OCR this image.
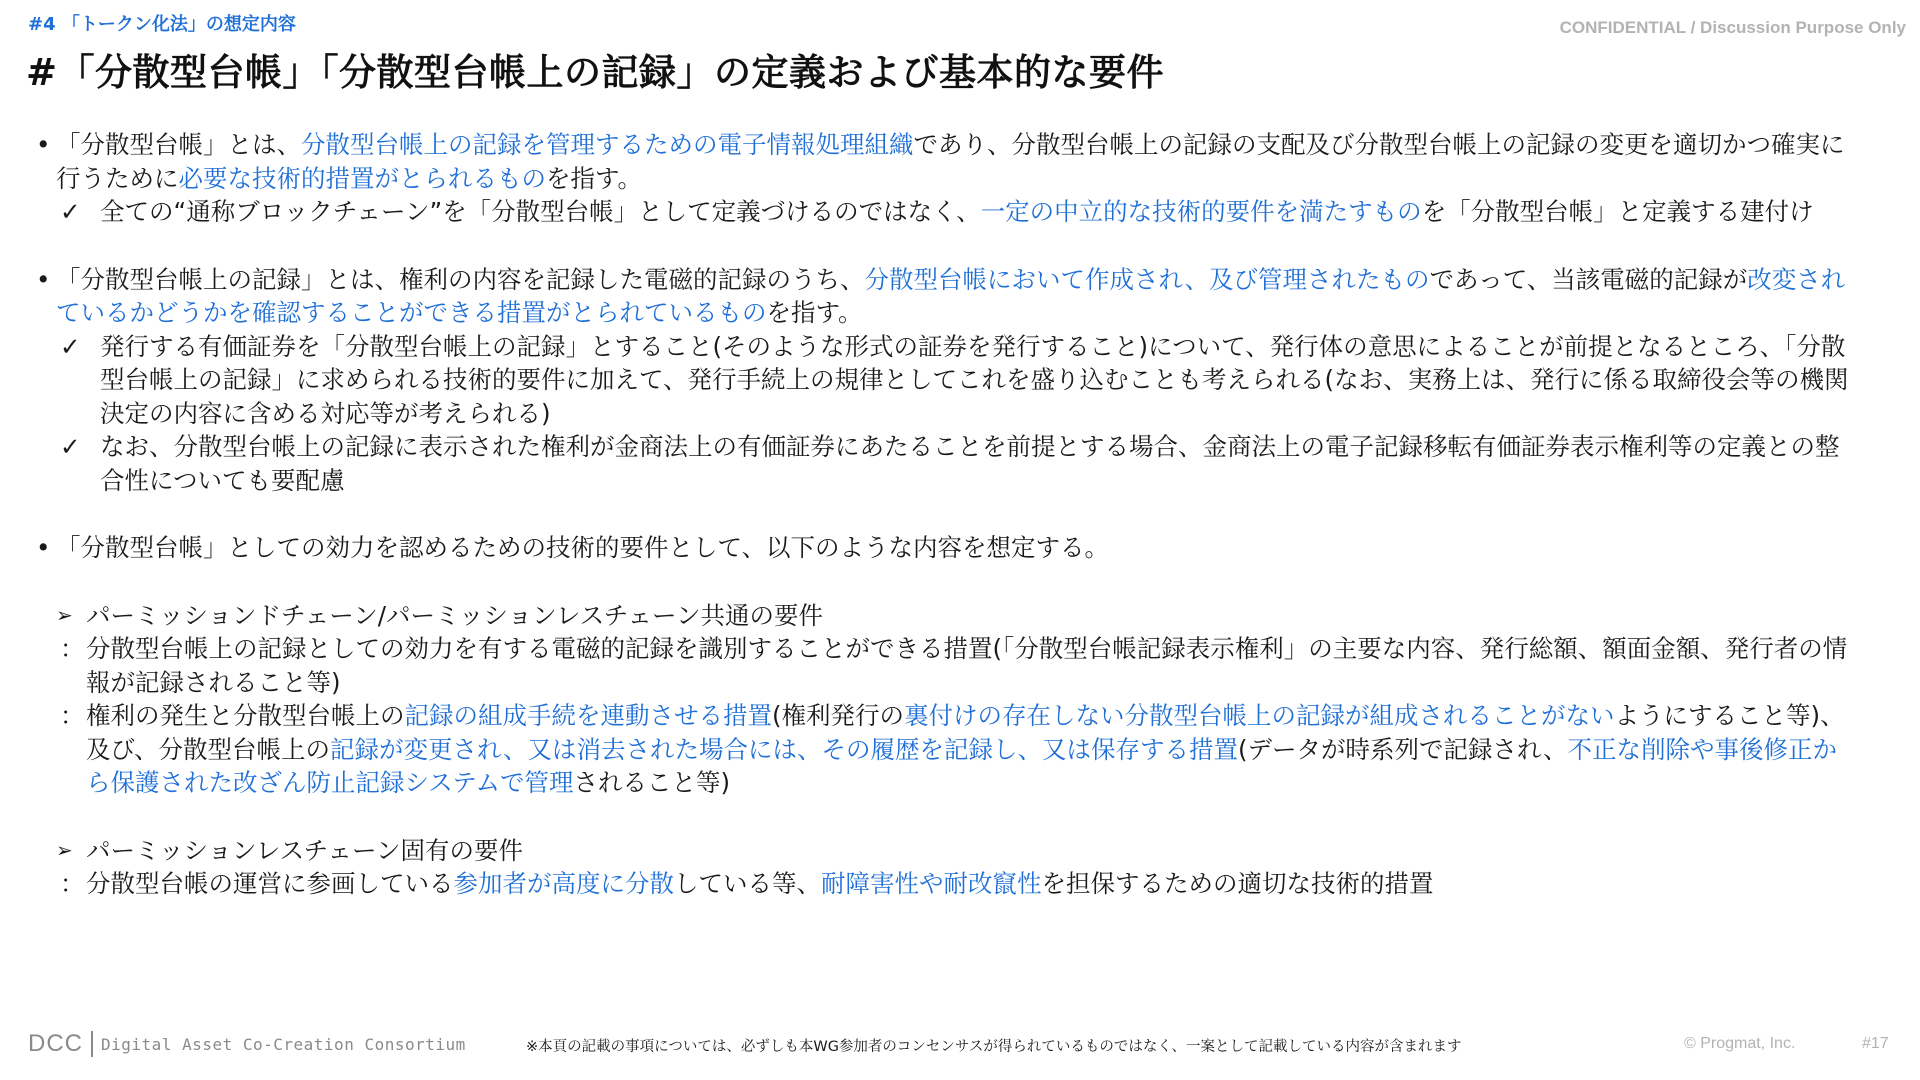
#4 「トークン化法」の想定内容	CONFIDENTIAL / Discussion Purpose Only
#「分散型台帳」「分散型台帳上の記録」の定義および基本的な要件
• 「分散型台帳」とは、分散型台帳上の記録を管理するための電子情報処理組織であり、分散型台帳上の記録の支配及び分散型台帳上の記録の変更を適切かつ確実に行うために必要な技術的措置がとられるものを指す。
✓ 全ての“通称ブロックチェーン”を「分散型台帳」として定義づけるのではなく、一定の中立的な技術的要件を満たすものを「分散型台帳」と定義する建付け
• 「分散型台帳上の記録」とは、権利の内容を記録した電磁的記録のうち、分散型台帳において作成され、及び管理されたものであって、当該電磁的記録が改変されているかどうかを確認することができる措置がとられているものを指す。
✓ 発行する有価証券を「分散型台帳上の記録」とすること(そのような形式の証券を発行すること)について、発行体の意思によることが前提となるところ、「分散型台帳上の記録」に求められる技術的要件に加えて、発行手続上の規律としてこれを盛り込むことも考えられる(なお、実務上は、発行に係る取締役会等の機関決定の内容に含める対応等が考えられる)
✓ なお、分散型台帳上の記録に表示された権利が金商法上の有価証券にあたることを前提とする場合、金商法上の電子記録移転有価証券表示権利等の定義との整合性についても要配慮
• 「分散型台帳」としての効力を認めるための技術的要件として、以下のような内容を想定する。
➢ パーミッションドチェーン/パーミッションレスチェーン共通の要件
： 分散型台帳上の記録としての効力を有する電磁的記録を識別することができる措置(「分散型台帳記録表示権利」の主要な内容、発行総額、額面金額、発行者の情報が記録されること等)
： 権利の発生と分散型台帳上の記録の組成手続を連動させる措置(権利発行の裏付けの存在しない分散型台帳上の記録が組成されることがないようにすること等)、及び、分散型台帳上の記録が変更され、又は消去された場合には、その履歴を記録し、又は保存する措置(データが時系列で記録され、不正な削除や事後修正から保護された改ざん防止記録システムで管理されること等)
➢ パーミッションレスチェーン固有の要件
： 分散型台帳の運営に参画している参加者が高度に分散している等、耐障害性や耐改竄性を担保するための適切な技術的措置
DCC Digital Asset Co-Creation Consortium	※本頁の記載の事項については、必ずしも本WG参加者のコンセンサスが得られているものではなく、一案として記載している内容が含まれます	© Progmat, Inc.	#17
